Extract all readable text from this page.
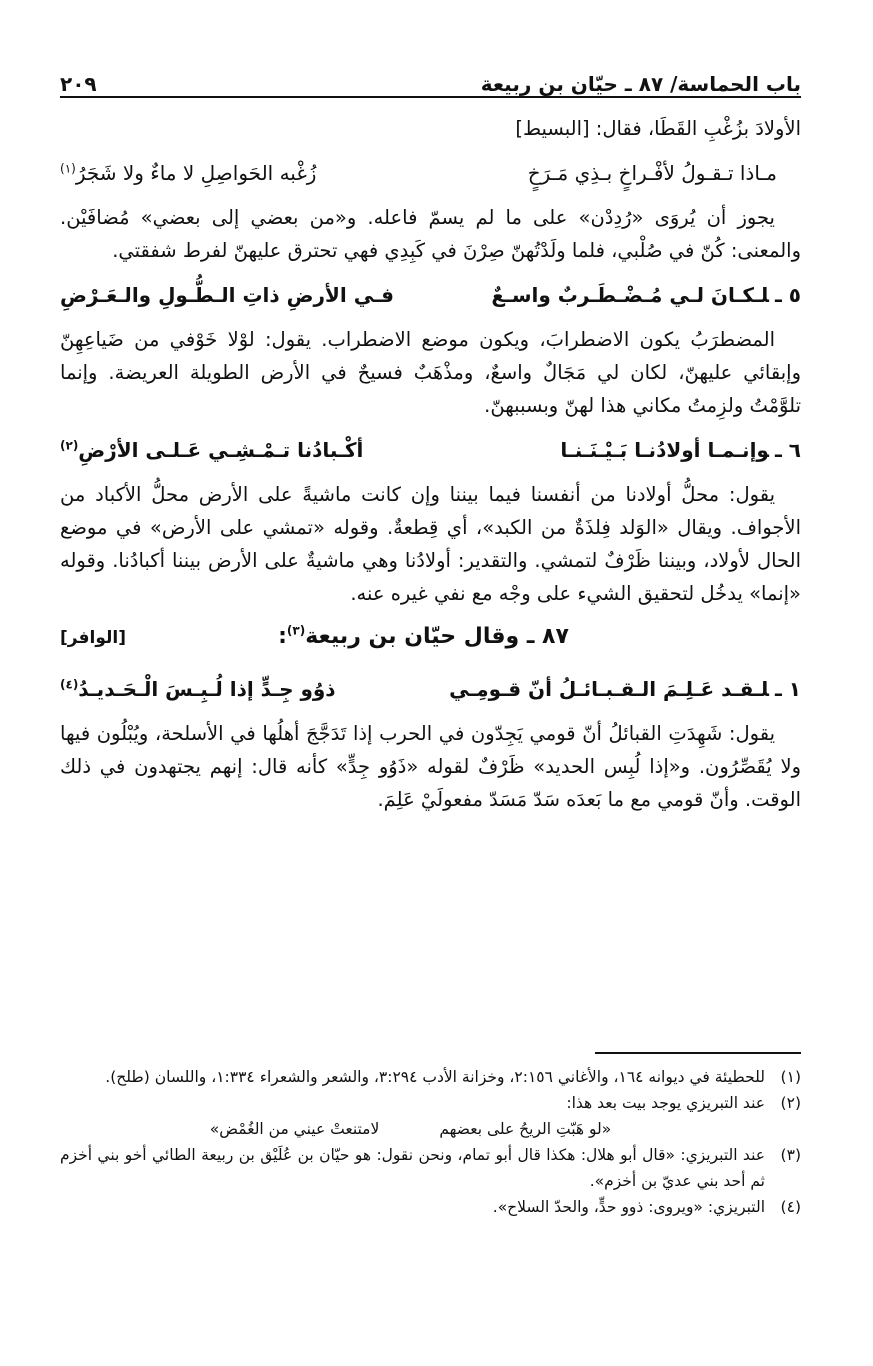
باب الحماسة/ ٨٧ ـ حيّان بن ربيعة
٢٠٩

الأولادَ بزُغْبِ القَطَا، فقال: [البسيط]

مـاذا تـقـولُ لأفْـراخٍ بـذِي مَـرَخٍ
زُغْبه الحَواصِلِ لا ماءٌ ولا شَجَرُ$^{(١)}$

يجوز أن يُروَى «رُدِدْن» على ما لم يسمّ فاعله. و«من بعضي إلى بعضي» مُضافَيْن. والمعنى: كُنّ في صُلْبي، فلما ولَدْتُهنّ صِرْنَ في كَبِدِي فهي تحترق عليهنّ لفرط شفقتي.

٥ ـلـكـانَ لـي مُـضْـطَـربٌ واسـعٌ
فـي الأرضِ ذاتِ الـطُّـولِ والـعَـرْضِ

المضطرَبُ يكون الاضطرابَ، ويكون موضع الاضطراب. يقول: لوْلا خَوْفي من ضَياعِهِنّ وإبقائي عليهنّ، لكان لي مَجَالٌ واسعٌ، ومذْهَبٌ فسيحٌ في الأرض الطويلة العريضة. وإنما تلوَّمْتُ ولزِمتُ مكاني هذا لهنّ وبسببهنّ.

٦ ـوإنـمـا أولادُنـا بَـيْـنَـنـا
أكْـبادُنا تـمْـشِـي عَـلـى الأرْضِ$^{(٢)}$

يقول: محلُّ أولادنا من أنفسنا فيما بيننا وإن كانت ماشيةً على الأرض محلُّ الأكباد من الأجواف. ويقال «الوَلد فِلذَةٌ من الكبد»، أي قِطعةٌ. وقوله «تمشي على الأرض» في موضع الحال لأولاد، وبيننا ظَرْفٌ لتمشي. والتقدير: أولادُنا وهي ماشيةٌ على الأرض بيننا أكبادُنا. وقوله «إنما» يدخُل لتحقيق الشيء على وجْه مع نفي غيره عنه.

٨٧ ـ وقال حيّان بن ربيعة$^{(٣)}$:
[الوافر]
١ ـلـقـد عَـلِـمَ الـقـبـائـلُ أنّ قـومِـي
ذوُو جِـدٍّ إذا لُـبِـسَ الْـحَـديـدُ$^{(٤)}$

يقول: شَهِدَتِ القبائلُ أنّ قومي يَجِدّون في الحرب إذا تَدَجَّجَ أهلُها في الأسلحة، ويُبْلُون فيها ولا يُقَصِّرُون. و«إذا لُبِس الحديد» ظَرْفٌ لقوله «ذَوُو جِدٍّ» كأنه قال: إنهم يجتهدون في ذلك الوقت. وأنّ قومي مع ما بَعدَه سَدّ مَسَدّ مفعولَيْ عَلِمَ.

(١)
للحطيئة في ديوانه ١٦٤، والأغاني ٢:١٥٦، وخزانة الأدب ٣:٢٩٤، والشعر والشعراء ١:٣٣٤، واللسان (طلح).
(٢)
عند التبريزي يوجد بيت بعد هذا:
«لو هَبّتِ الريحُ على بعضهم
لامتنعتْ عيني من الغُمْض»
(٣)
عند التبريزي: «قال أبو هلال: هكذا قال أبو تمام، ونحن نقول: هو حيّان بن عُلَيْق بن ربيعة الطائي أخو بني أخزم ثم أحد بني عديّ بن أخزم».
(٤)
التبريزي: «ويروى: ذوو حدٍّ، والحدّ السلاح».
